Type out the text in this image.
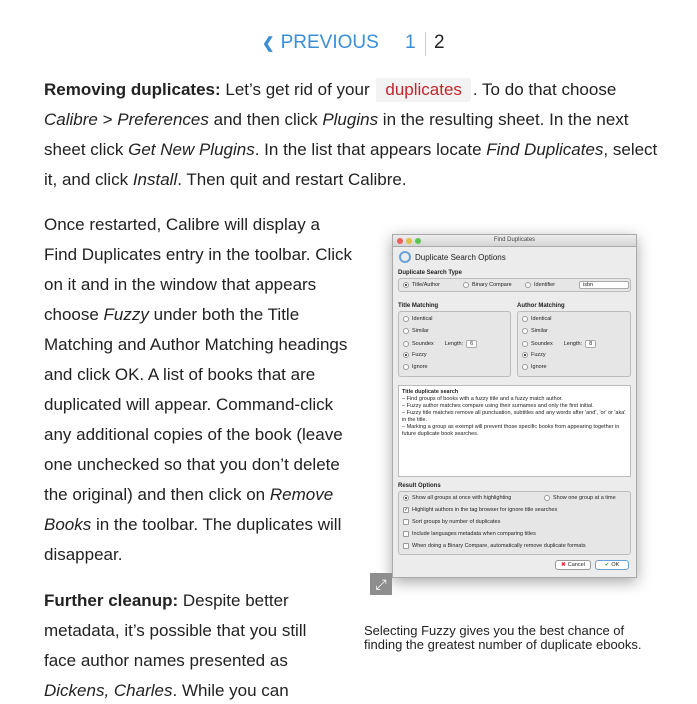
❮ PREVIOUS 1 2

Removing duplicates: Let’s get rid of your duplicates . To do that choose Calibre > Preferences and then click Plugins in the resulting sheet. In the next sheet click Get New Plugins. In the list that appears locate Find Duplicates, select it, and click Install. Then quit and restart Calibre.

Once restarted, Calibre will display a Find Duplicates entry in the toolbar. Click on it and in the window that appears choose Fuzzy under both the Title Matching and Author Matching headings and click OK. A list of books that are duplicated will appear. Command-click any additional copies of the book (leave one unchecked so that you don’t delete the original) and then click on Remove Books in the toolbar. The duplicates will disappear.

Further cleanup: Despite better metadata, it’s possible that you still face author names presented as Dickens, Charles. While you can

Find Duplicates
Duplicate Search Options
Duplicate Search Type
Title/Author	Binary Compare	Identifier	isbn
Title Matching	Author Matching
Identical
Similar
Soundex Length:	6
Fuzzy
Ignore
Identical
Similar
Soundex Length:	8
Fuzzy
Ignore
Title duplicate search
– Find groups of books with a fuzzy title and a fuzzy match author.
– Fuzzy author matches compare using their surnames and only the first initial.
– Fuzzy title matches remove all punctuation, subtitles and any words after 'and', 'or' or 'aka' in the title.
– Marking a group as exempt will prevent those specific books from appearing together in future duplicate book searches.
Result Options
Show all groups at once with highlighting	Show one group at a time
✓ Highlight authors in the tag browser for ignore title searches
Sort groups by number of duplicates
Include languages metadata when comparing titles
When doing a Binary Compare, automatically remove duplicate formats
✖ Cancel	✔ OK
⤢

Selecting Fuzzy gives you the best chance of finding the greatest number of duplicate ebooks.
